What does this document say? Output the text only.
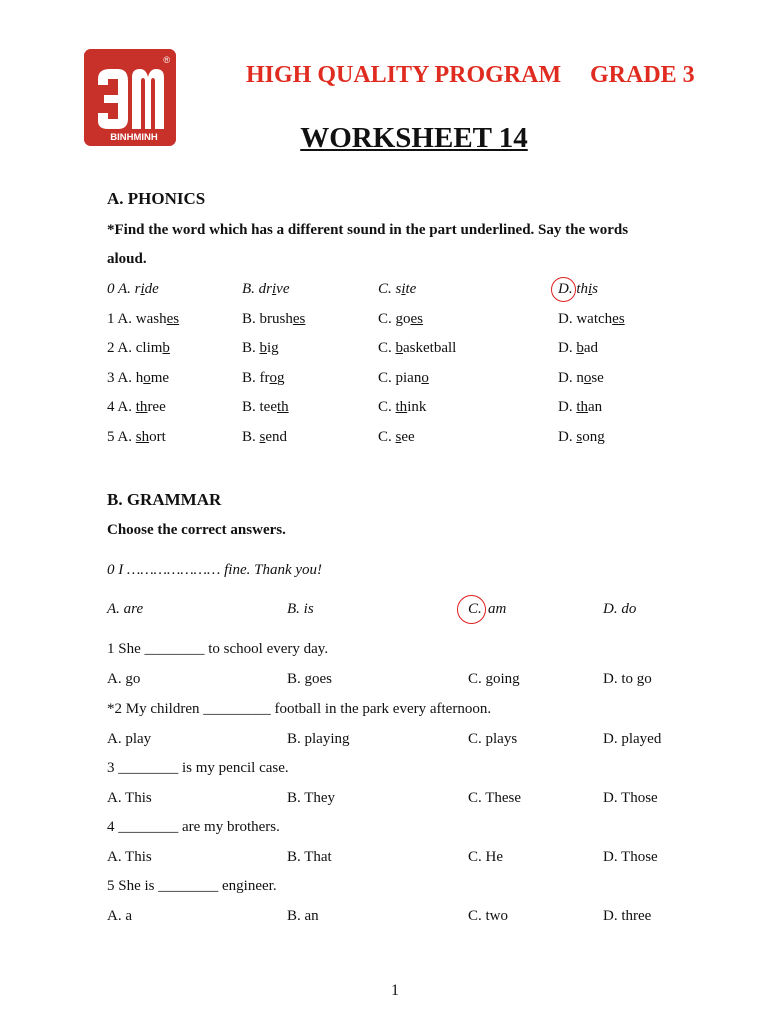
®
BINHMINH
HIGH QUALITY PROGRAM GRADE 3
WORKSHEET 14
A. PHONICS
*Find the word which has a different sound in the part underlined. Say the words aloud.
0 A. ride	B. drive	C. site	D. this
1 A. washes	B. brushes	C. goes	D. watches
2 A. climb	B. big	C. basketball	D. bad
3 A. home	B. frog	C. piano	D. nose
4 A. three	B. teeth	C. think	D. than
5 A. short	B. send	C. see	D. song
B. GRAMMAR
Choose the correct answers.
0 I ………………… fine. Thank you!
A. are	B. is	C. am	D. do
1 She ________ to school every day.
A. go	B. goes	C. going	D. to go
*2 My children _________ football in the park every afternoon.
A. play	B. playing	C. plays	D. played
3 ________ is my pencil case.
A. This	B. They	C. These	D. Those
4 ________ are my brothers.
A. This	B. That	C. He	D. Those
5 She is ________ engineer.
A. a	B. an	C. two	D. three
1
